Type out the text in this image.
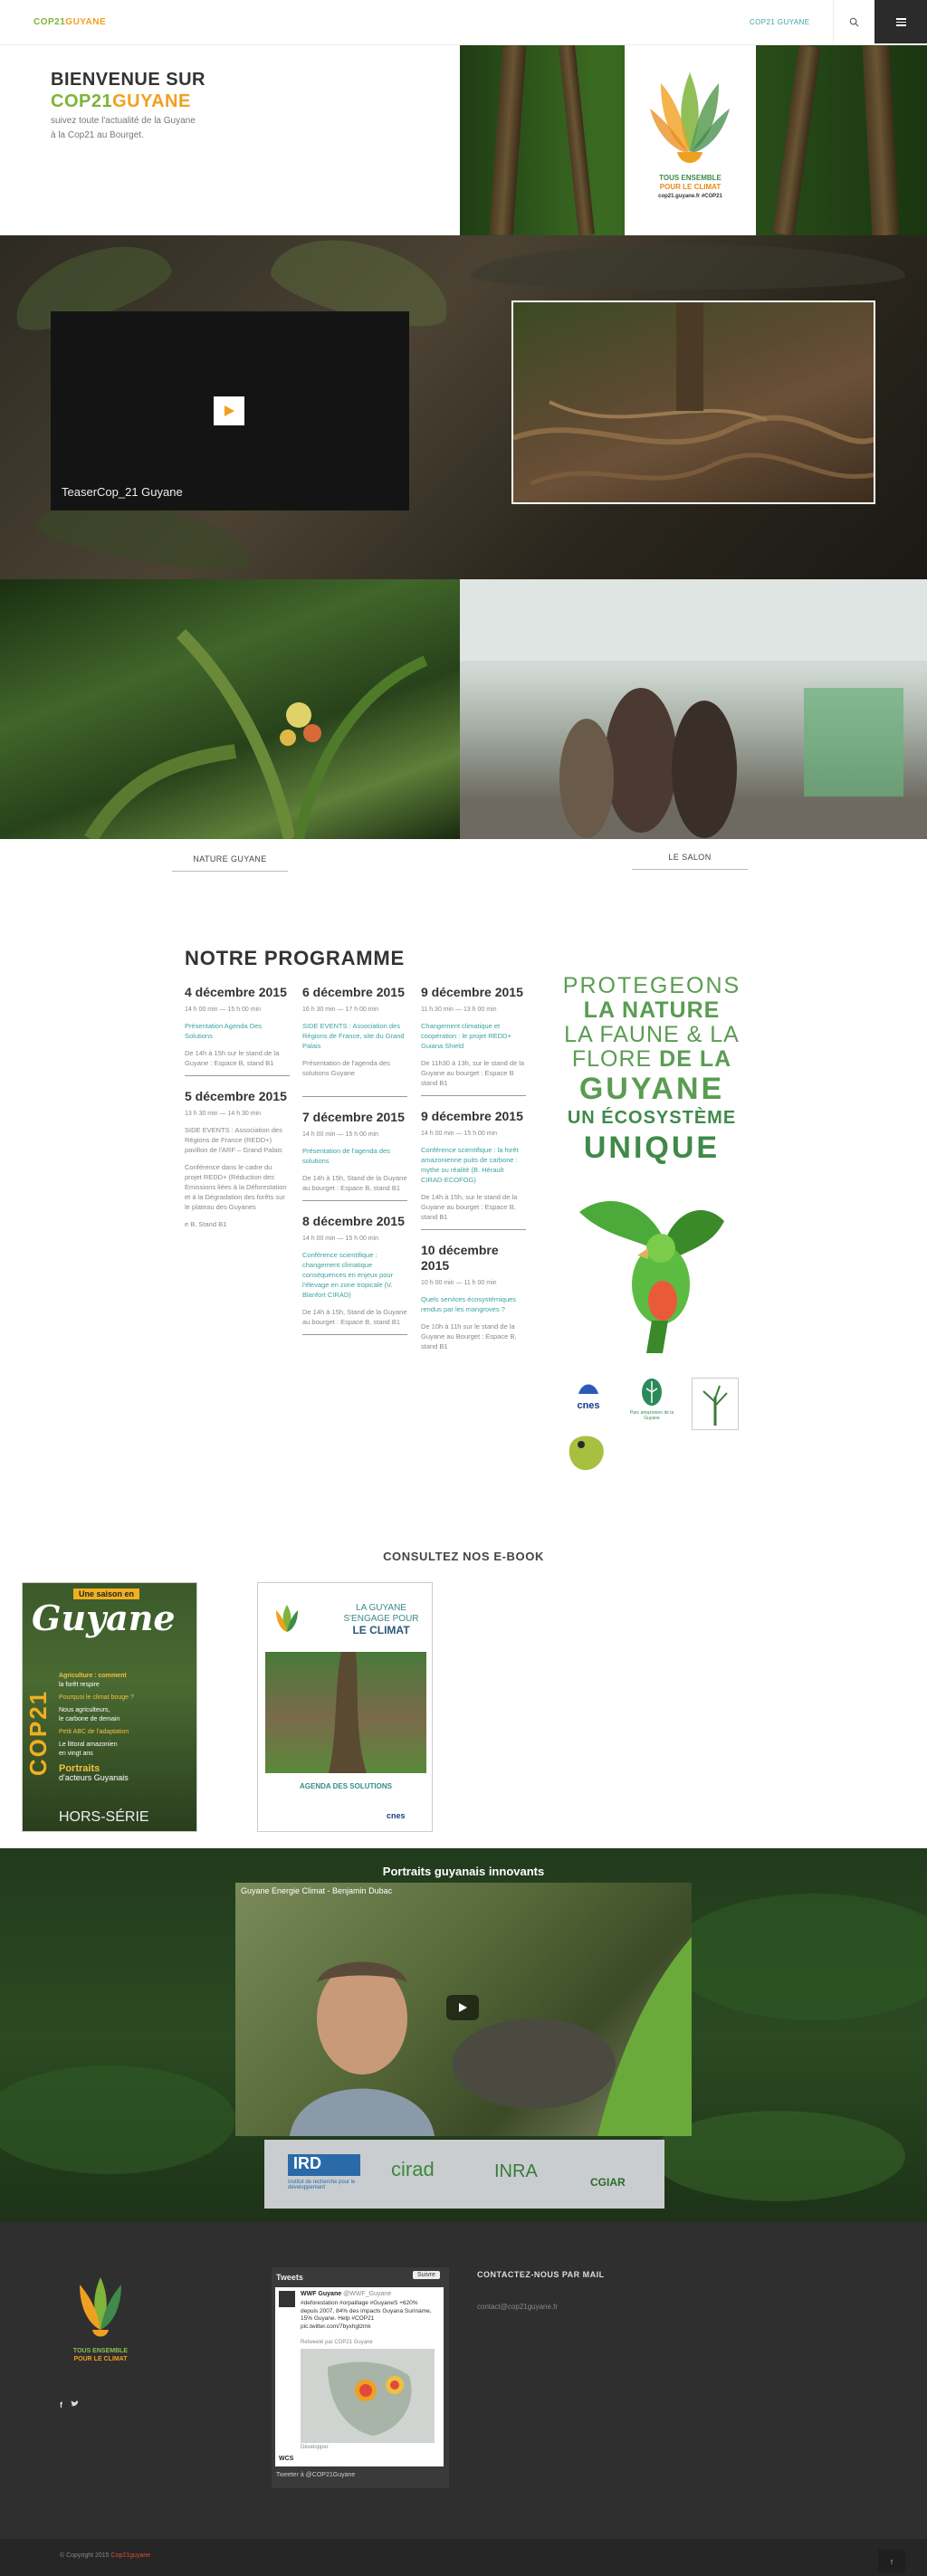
COP21GUYANE	COP21 GUYANE
BIENVENUE SUR
COP21GUYANE
suivez toute l'actualité de la Guyane
à la Cop21 au Bourget.
TOUS ENSEMBLE
POUR LE CLIMAT
cop21.guyane.fr #COP21
TeaserCop_21 Guyane
NATURE GUYANE	LE SALON
NOTRE PROGRAMME
4 décembre 2015
14 h 00 min — 15 h 00 min
Présentation Agenda Des Solutions
De 14h à 15h sur le stand de la Guyane : Espace B, stand B1
5 décembre 2015
13 h 30 min — 14 h 30 min
SIDE EVENTS : Association des Régions de France (REDD+) pavillon de l'ARF – Grand Palais
Conférence dans le cadre du projet REDD+ (Réduction des Emissions liées à la Déforestation et à la Dégradation des forêts sur le plateau des Guyanes
e B, Stand B1
6 décembre 2015
16 h 30 min — 17 h 00 min
SIDE EVENTS : Association des Régions de France, site du Grand Palais
Présentation de l'agenda des solutions Guyane
7 décembre 2015
14 h 00 min — 15 h 00 min
Présentation de l'agenda des solutions
De 14h à 15h, Stand de la Guyane au bourget : Espace B, stand B1
8 décembre 2015
14 h 00 min — 15 h 00 min
Conférence scientifique : changement climatique conséquences en enjeux pour l'élevage en zone tropicale (V. Blanfort CIRAD)
De 14h à 15h, Stand de la Guyane au bourget : Espace B, stand B1
9 décembre 2015
11 h 30 min — 13 h 00 min
Changement climatique et coopération : le projet REDD+ Guiana Shield
De 11h30 à 13h, sur le stand de la Guyane au bourget : Espace B stand B1
9 décembre 2015
14 h 00 min — 15 h 00 min
Conférence scientifique : la forêt amazonienne puits de carbone : mythe ou réalité (B. Hérault CIRAD-ECOFOG)
De 14h à 15h, sur le stand de la Guyane au bourget : Espace B, stand B1
10 décembre 2015
10 h 00 min — 11 h 00 min
Quels services écosystémiques rendus par les mangroves ?
De 10h à 11h sur le stand de la Guyane au Bourget : Espace B, stand B1
PROTEGEONS
LA NATURE
LA FAUNE & LA
FLORE DE LA
GUYANE
UN ÉCOSYSTÈME
UNIQUE
cnes
Parc amazonien de la Guyane
CONSULTEZ NOS E-BOOK
Une saison en
Guyane
COP21
Agriculture : comment
la forêt respire
Pourquoi le climat bouge ?
Nous agriculteurs,
le carbone de demain
Petit ABC de l'adaptation
Le littoral amazonien
en vingt ans
Portraits
d'acteurs Guyanais
HORS-SÉRIE
LA GUYANE
S'ENGAGE POUR
LE CLIMAT
AGENDA DES SOLUTIONS
cnes
Portraits guyanais innovants
Guyane Energie Climat - Benjamin Dubac
IRD
Institut de recherche pour le développement
cirad	INRA
CGIAR
TOUS ENSEMBLE
POUR LE CLIMAT
f
Tweets	Suivre
WWF Guyane @WWF_Guyane
#deforestation #orpaillage #GuyaneS +620% depuis 2007, 84% des impacts Guyana Suriname, 15% Guyane. Help #COP21 pic.twitter.com/7byxhgtzmk
Retweeté par COP21 Guyane
Développer
WCS
Tweeter à @COP21Guyane
CONTACTEZ-NOUS PAR MAIL
contact@cop21guyane.fr
© Copyright 2015 Cop21guyane
↑
